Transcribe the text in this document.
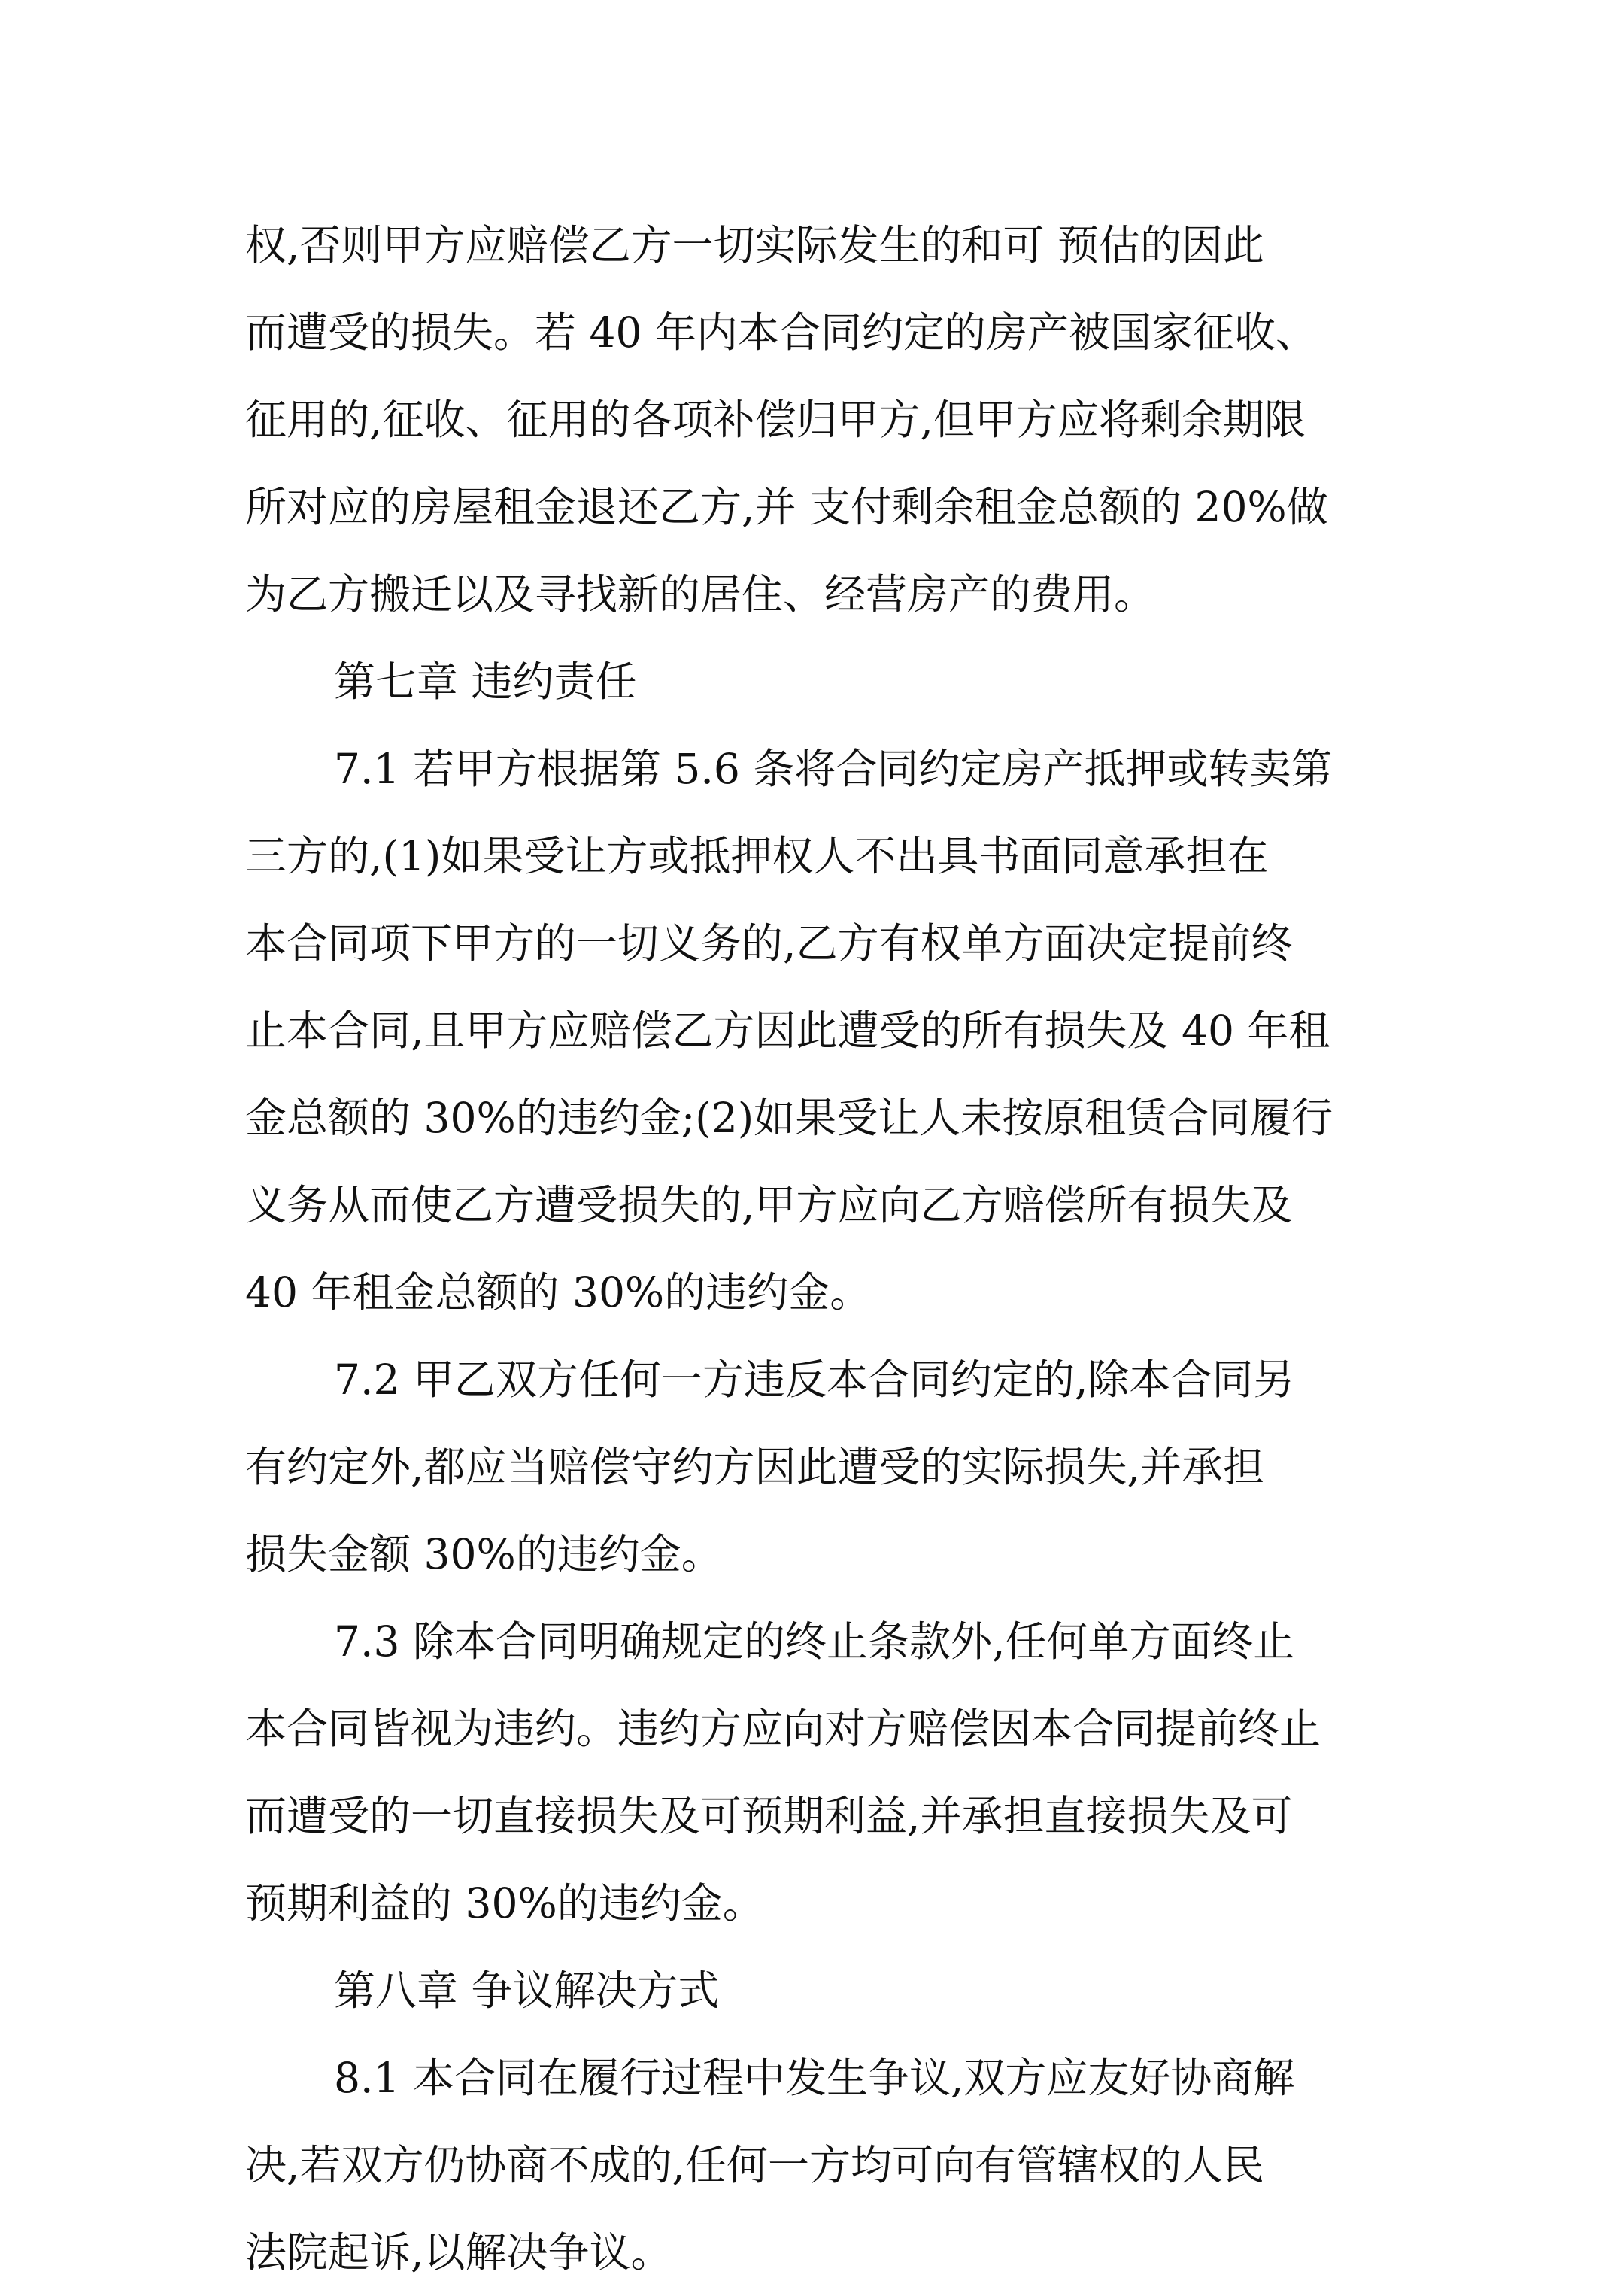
权,否则甲方应赔偿乙方一切实际发生的和可 预估的因此
而遭受的损失。若 40 年内本合同约定的房产被国家征收、
征用的,征收、征用的各项补偿归甲方,但甲方应将剩余期限
所对应的房屋租金退还乙方,并 支付剩余租金总额的 20%做
为乙方搬迁以及寻找新的居住、经营房产的费用。
第七章 违约责任
7.1 若甲方根据第 5.6 条将合同约定房产抵押或转卖第
三方的,(1)如果受让方或抵押权人不出具书面同意承担在
本合同项下甲方的一切义务的,乙方有权单方面决定提前终
止本合同,且甲方应赔偿乙方因此遭受的所有损失及 40 年租
金总额的 30%的违约金;(2)如果受让人未按原租赁合同履行
义务从而使乙方遭受损失的,甲方应向乙方赔偿所有损失及
40 年租金总额的 30%的违约金。
7.2 甲乙双方任何一方违反本合同约定的,除本合同另
有约定外,都应当赔偿守约方因此遭受的实际损失,并承担
损失金额 30%的违约金。
7.3 除本合同明确规定的终止条款外,任何单方面终止
本合同皆视为违约。违约方应向对方赔偿因本合同提前终止
而遭受的一切直接损失及可预期利益,并承担直接损失及可
预期利益的 30%的违约金。
第八章 争议解决方式
8.1 本合同在履行过程中发生争议,双方应友好协商解
决,若双方仍协商不成的,任何一方均可向有管辖权的人民
法院起诉,以解决争议。
